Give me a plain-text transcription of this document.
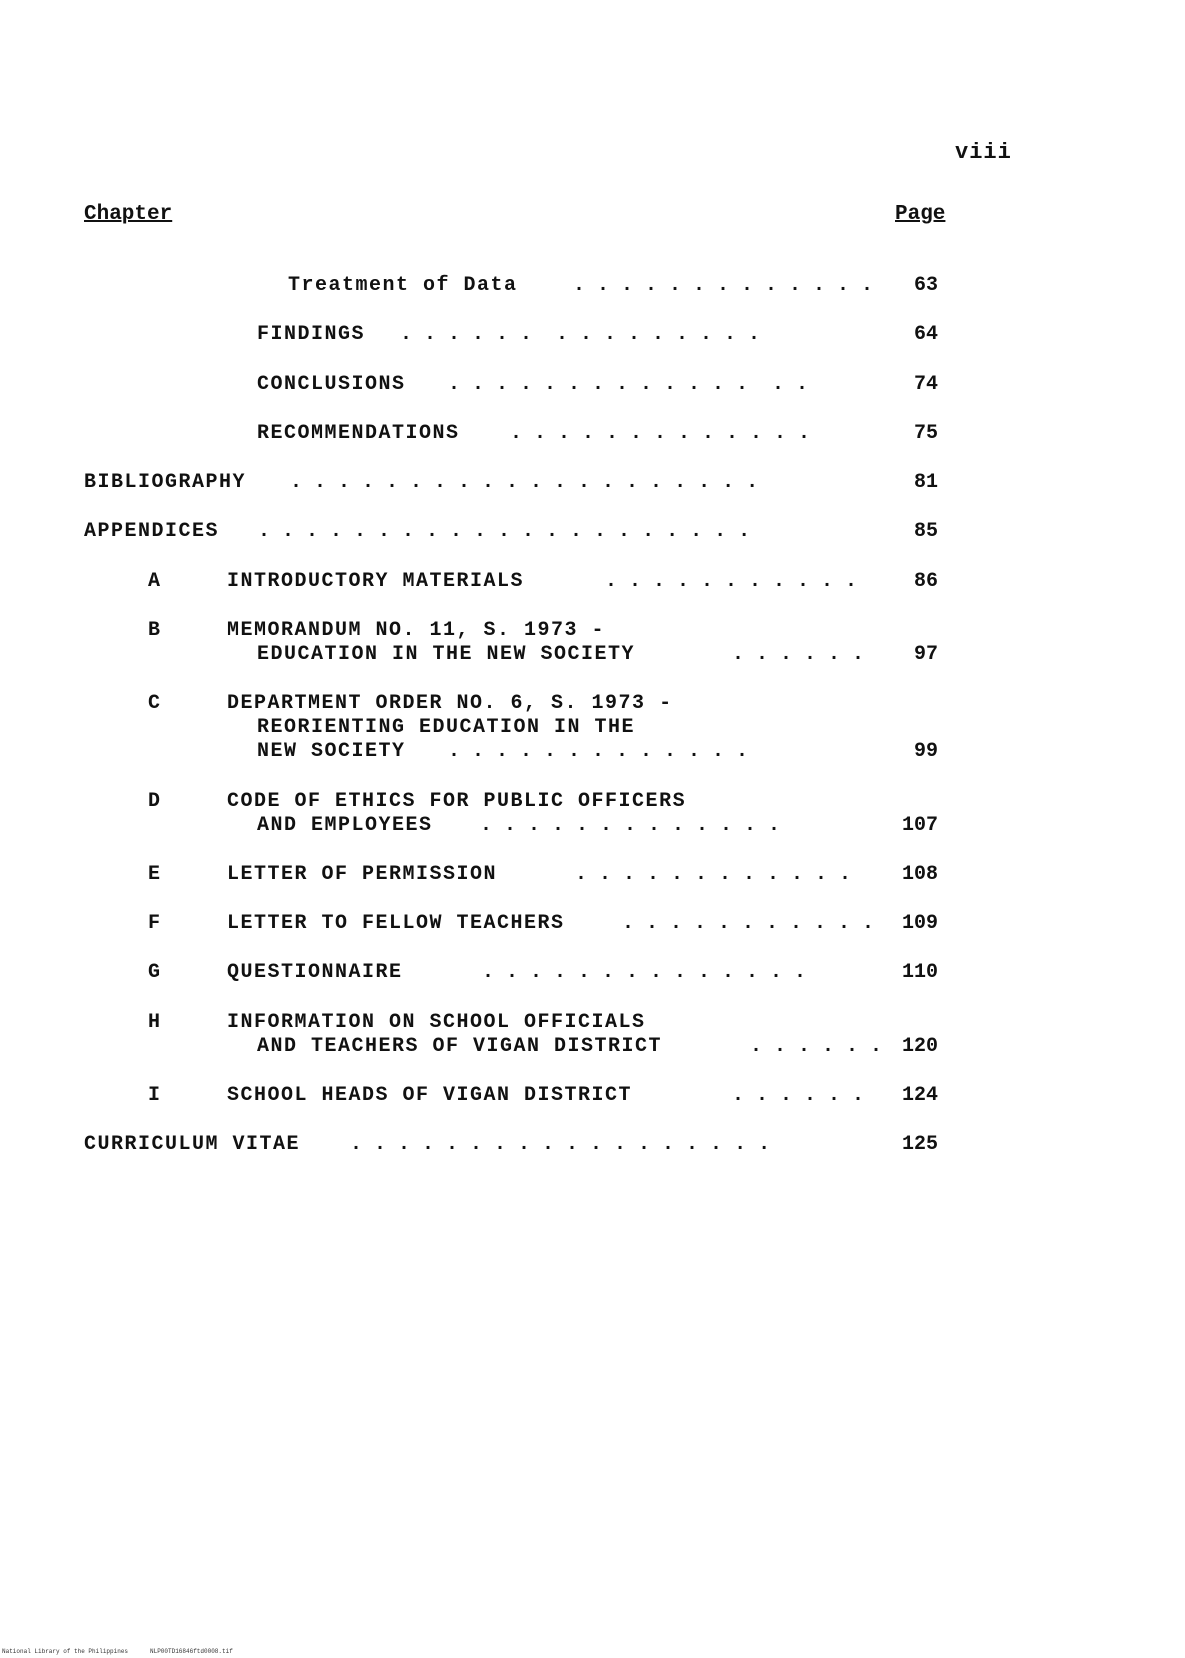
viii
Chapter	Page
Treatment of Data	. . . . . . . . . . . . .	63
FINDINGS . . . . . .  . . . . . . . . .	64
CONCLUSIONS . . . . . . . . . . . . .  . .	74
RECOMMENDATIONS	. . . . . . . . . . . . .	75
BIBLIOGRAPHY . . . . . . . . . . . . . . . . . . . .	81
APPENDICES . . . . . . . . . . . . . . . . . . . . .	85
A	INTRODUCTORY MATERIALS	. . . . . . . . . . .	86
B	MEMORANDUM NO. 11, S. 1973 -
EDUCATION IN THE NEW SOCIETY	. . . . . .	97
C	DEPARTMENT ORDER NO. 6, S. 1973 -
REORIENTING EDUCATION IN THE
NEW SOCIETY . . . . . . . . . . . . .	99
D	CODE OF ETHICS FOR PUBLIC OFFICERS
AND EMPLOYEES . . . . . . . . . . . . .	107
E	LETTER OF PERMISSION	. . . . . . . . . . . .	108
F	LETTER TO FELLOW TEACHERS	. . . . . . . . . . .	109
G	QUESTIONNAIRE	. . . . . . . . . . . . . .	110
H	INFORMATION ON SCHOOL OFFICIALS
AND TEACHERS OF VIGAN DISTRICT	. . . . . . 120
I	SCHOOL HEADS OF VIGAN DISTRICT	. . . . . .	124
CURRICULUM VITAE . . . . . . . . . . . . . . . . . .	125
National Library of the Philippines	NLP00TD16846ftd0008.tif
